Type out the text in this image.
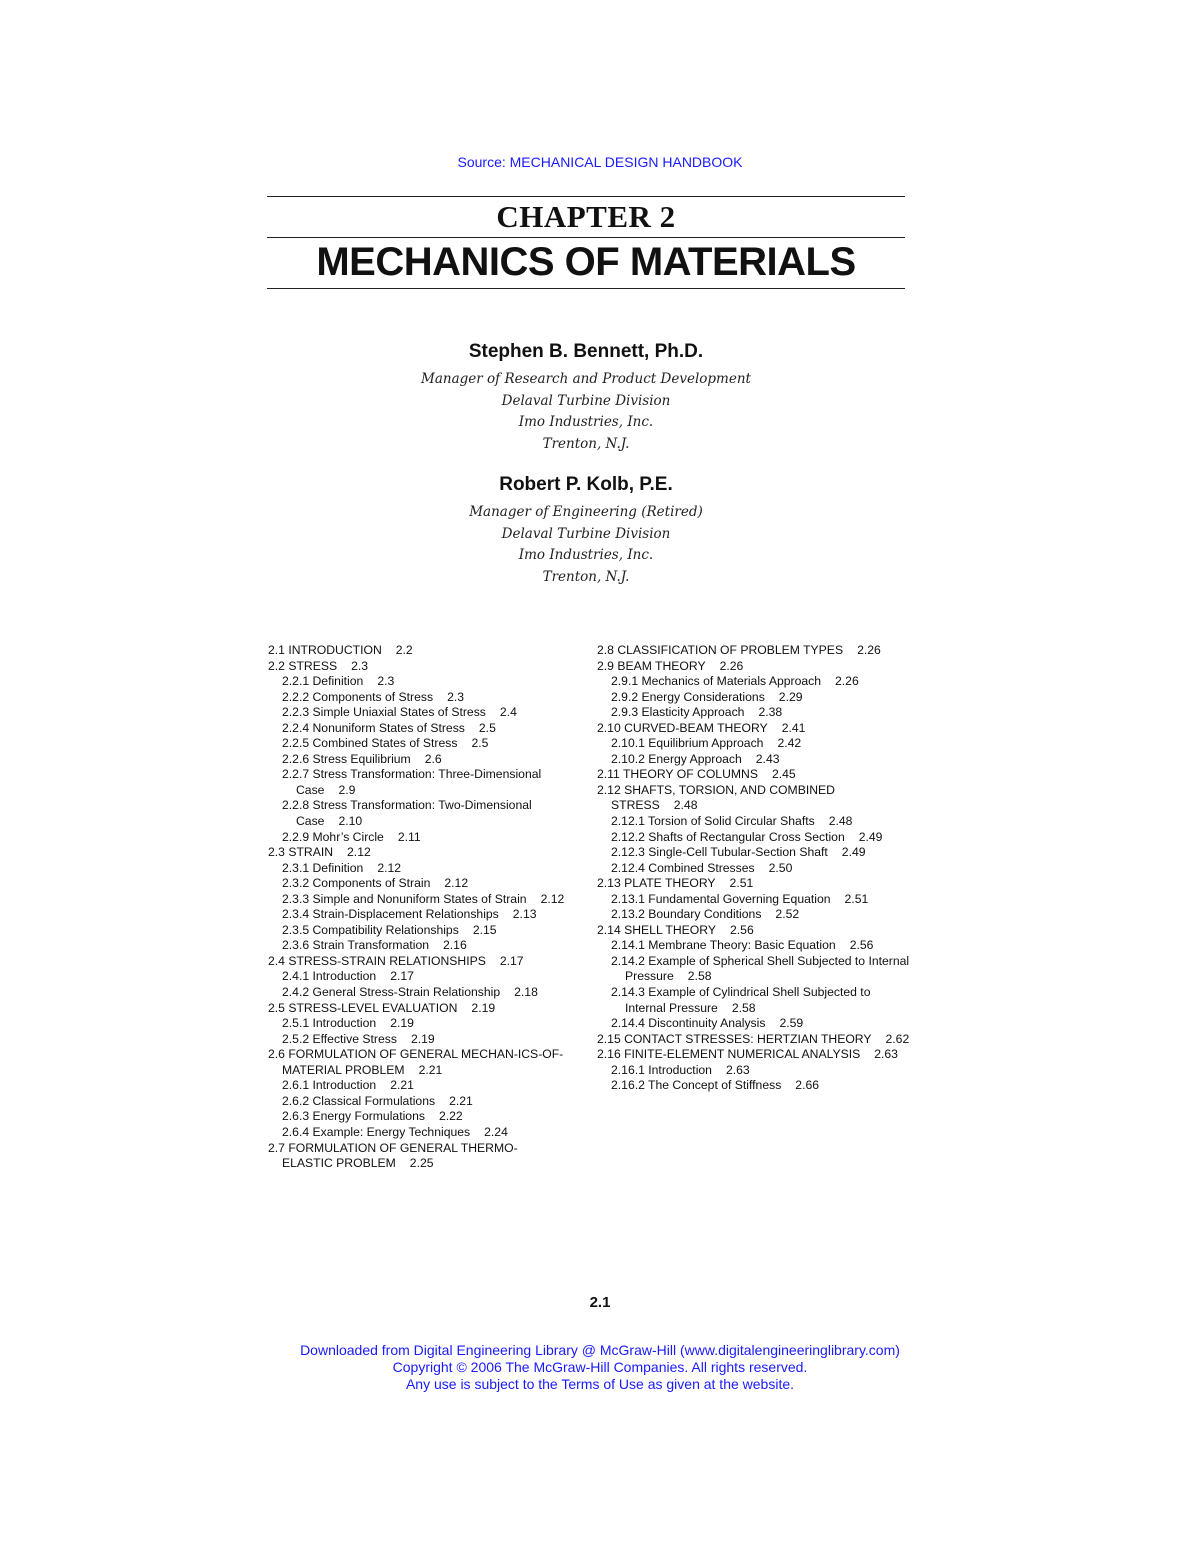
Source: MECHANICAL DESIGN HANDBOOK
CHAPTER 2
MECHANICS OF MATERIALS
Stephen B. Bennett, Ph.D.
Manager of Research and Product Development
Delaval Turbine Division
Imo Industries, Inc.
Trenton, N.J.
Robert P. Kolb, P.E.
Manager of Engineering (Retired)
Delaval Turbine Division
Imo Industries, Inc.
Trenton, N.J.
2.1 INTRODUCTION 2.2
2.2 STRESS 2.3
2.2.1 Definition 2.3
2.2.2 Components of Stress 2.3
2.2.3 Simple Uniaxial States of Stress 2.4
2.2.4 Nonuniform States of Stress 2.5
2.2.5 Combined States of Stress 2.5
2.2.6 Stress Equilibrium 2.6
2.2.7 Stress Transformation: Three-Dimensional Case 2.9
2.2.8 Stress Transformation: Two-Dimensional Case 2.10
2.2.9 Mohr’s Circle 2.11
2.3 STRAIN 2.12
2.3.1 Definition 2.12
2.3.2 Components of Strain 2.12
2.3.3 Simple and Nonuniform States of Strain 2.12
2.3.4 Strain-Displacement Relationships 2.13
2.3.5 Compatibility Relationships 2.15
2.3.6 Strain Transformation 2.16
2.4 STRESS-STRAIN RELATIONSHIPS 2.17
2.4.1 Introduction 2.17
2.4.2 General Stress-Strain Relationship 2.18
2.5 STRESS-LEVEL EVALUATION 2.19
2.5.1 Introduction 2.19
2.5.2 Effective Stress 2.19
2.6 FORMULATION OF GENERAL MECHAN-ICS-OF-MATERIAL PROBLEM 2.21
2.6.1 Introduction 2.21
2.6.2 Classical Formulations 2.21
2.6.3 Energy Formulations 2.22
2.6.4 Example: Energy Techniques 2.24
2.7 FORMULATION OF GENERAL THERMO-ELASTIC PROBLEM 2.25
2.8 CLASSIFICATION OF PROBLEM TYPES 2.26
2.9 BEAM THEORY 2.26
2.9.1 Mechanics of Materials Approach 2.26
2.9.2 Energy Considerations 2.29
2.9.3 Elasticity Approach 2.38
2.10 CURVED-BEAM THEORY 2.41
2.10.1 Equilibrium Approach 2.42
2.10.2 Energy Approach 2.43
2.11 THEORY OF COLUMNS 2.45
2.12 SHAFTS, TORSION, AND COMBINED STRESS 2.48
2.12.1 Torsion of Solid Circular Shafts 2.48
2.12.2 Shafts of Rectangular Cross Section 2.49
2.12.3 Single-Cell Tubular-Section Shaft 2.49
2.12.4 Combined Stresses 2.50
2.13 PLATE THEORY 2.51
2.13.1 Fundamental Governing Equation 2.51
2.13.2 Boundary Conditions 2.52
2.14 SHELL THEORY 2.56
2.14.1 Membrane Theory: Basic Equation 2.56
2.14.2 Example of Spherical Shell Subjected to Internal Pressure 2.58
2.14.3 Example of Cylindrical Shell Subjected to Internal Pressure 2.58
2.14.4 Discontinuity Analysis 2.59
2.15 CONTACT STRESSES: HERTZIAN THEORY 2.62
2.16 FINITE-ELEMENT NUMERICAL ANALYSIS 2.63
2.16.1 Introduction 2.63
2.16.2 The Concept of Stiffness 2.66
2.1
Downloaded from Digital Engineering Library @ McGraw-Hill (www.digitalengineeringlibrary.com)
Copyright © 2006 The McGraw-Hill Companies. All rights reserved.
Any use is subject to the Terms of Use as given at the website.
